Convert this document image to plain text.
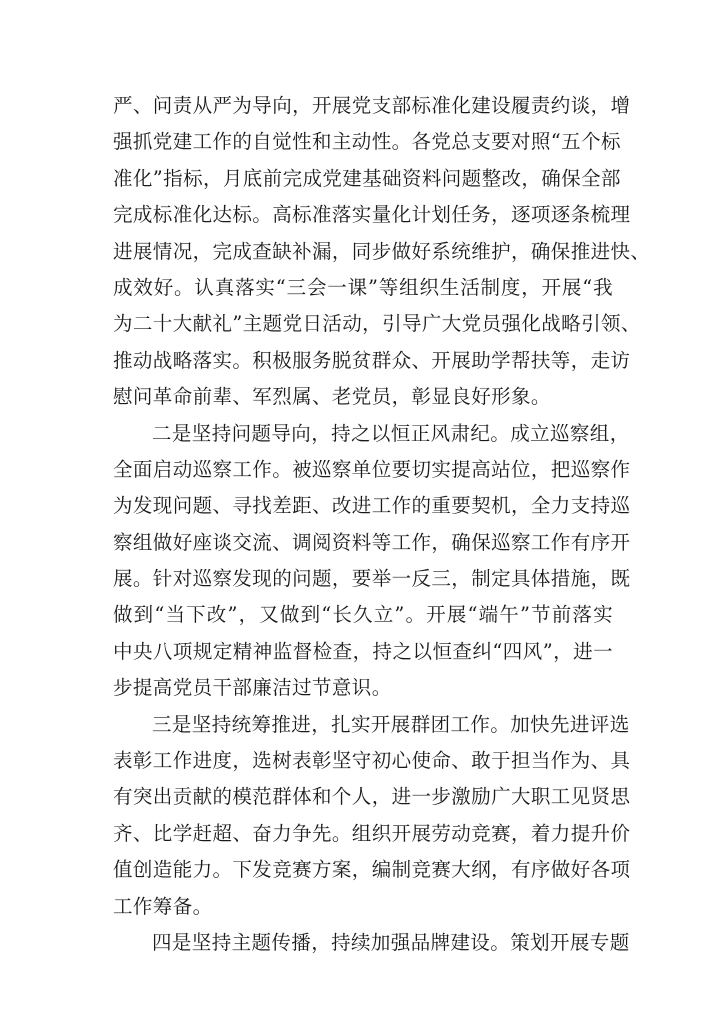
严、问责从严为导向，开展党支部标准化建设履责约谈，增
强抓党建工作的自觉性和主动性。各党总支要对照“五个标
准化”指标，月底前完成党建基础资料问题整改，确保全部
完成标准化达标。高标准落实量化计划任务，逐项逐条梳理
进展情况，完成查缺补漏，同步做好系统维护，确保推进快、
成效好。认真落实“三会一课”等组织生活制度，开展“我
为二十大献礼”主题党日活动，引导广大党员强化战略引领、
推动战略落实。积极服务脱贫群众、开展助学帮扶等，走访
慰问革命前辈、军烈属、老党员，彰显良好形象。
二是坚持问题导向，持之以恒正风肃纪。成立巡察组，
全面启动巡察工作。被巡察单位要切实提高站位，把巡察作
为发现问题、寻找差距、改进工作的重要契机，全力支持巡
察组做好座谈交流、调阅资料等工作，确保巡察工作有序开
展。针对巡察发现的问题，要举一反三，制定具体措施，既
做到“当下改”，又做到“长久立”。开展“端午”节前落实
中央八项规定精神监督检查，持之以恒查纠“四风”，进一
步提高党员干部廉洁过节意识。
三是坚持统筹推进，扎实开展群团工作。加快先进评选
表彰工作进度，选树表彰坚守初心使命、敢于担当作为、具
有突出贡献的模范群体和个人，进一步激励广大职工见贤思
齐、比学赶超、奋力争先。组织开展劳动竞赛，着力提升价
值创造能力。下发竞赛方案，编制竞赛大纲，有序做好各项
工作筹备。
四是坚持主题传播，持续加强品牌建设。策划开展专题
